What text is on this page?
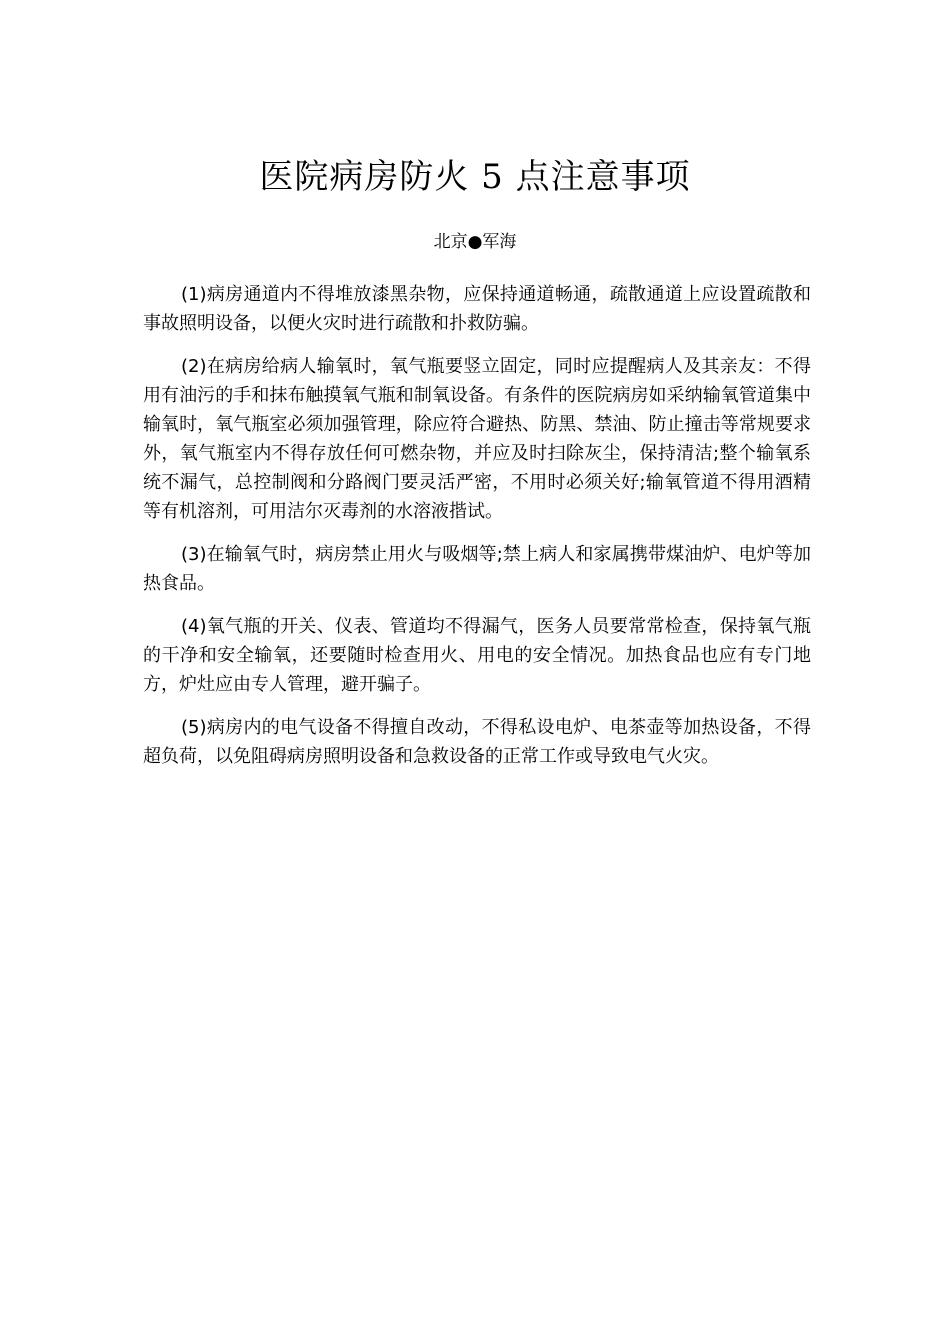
医院病房防火 5 点注意事项

北京●军海

(1)病房通道内不得堆放漆黑杂物，应保持通道畅通，疏散通道上应设置疏散和事故照明设备，以便火灾时进行疏散和扑救防骗。

(2)在病房给病人输氧时，氧气瓶要竖立固定，同时应提醒病人及其亲友：不得用有油污的手和抹布触摸氧气瓶和制氧设备。有条件的医院病房如采纳输氧管道集中输氧时，氧气瓶室必须加强管理，除应符合避热、防黑、禁油、防止撞击等常规要求外，氧气瓶室内不得存放任何可燃杂物，并应及时扫除灰尘，保持清洁;整个输氧系统不漏气，总控制阀和分路阀门要灵活严密，不用时必须关好;输氧管道不得用酒精等有机溶剂，可用洁尔灭毒剂的水溶液揩试。

(3)在输氧气时，病房禁止用火与吸烟等;禁上病人和家属携带煤油炉、电炉等加热食品。

(4)氧气瓶的开关、仪表、管道均不得漏气，医务人员要常常检查，保持氧气瓶的干净和安全输氧，还要随时检查用火、用电的安全情况。加热食品也应有专门地方，炉灶应由专人管理，避开骗子。

(5)病房内的电气设备不得擅自改动，不得私设电炉、电茶壶等加热设备，不得超负荷，以免阻碍病房照明设备和急救设备的正常工作或导致电气火灾。
